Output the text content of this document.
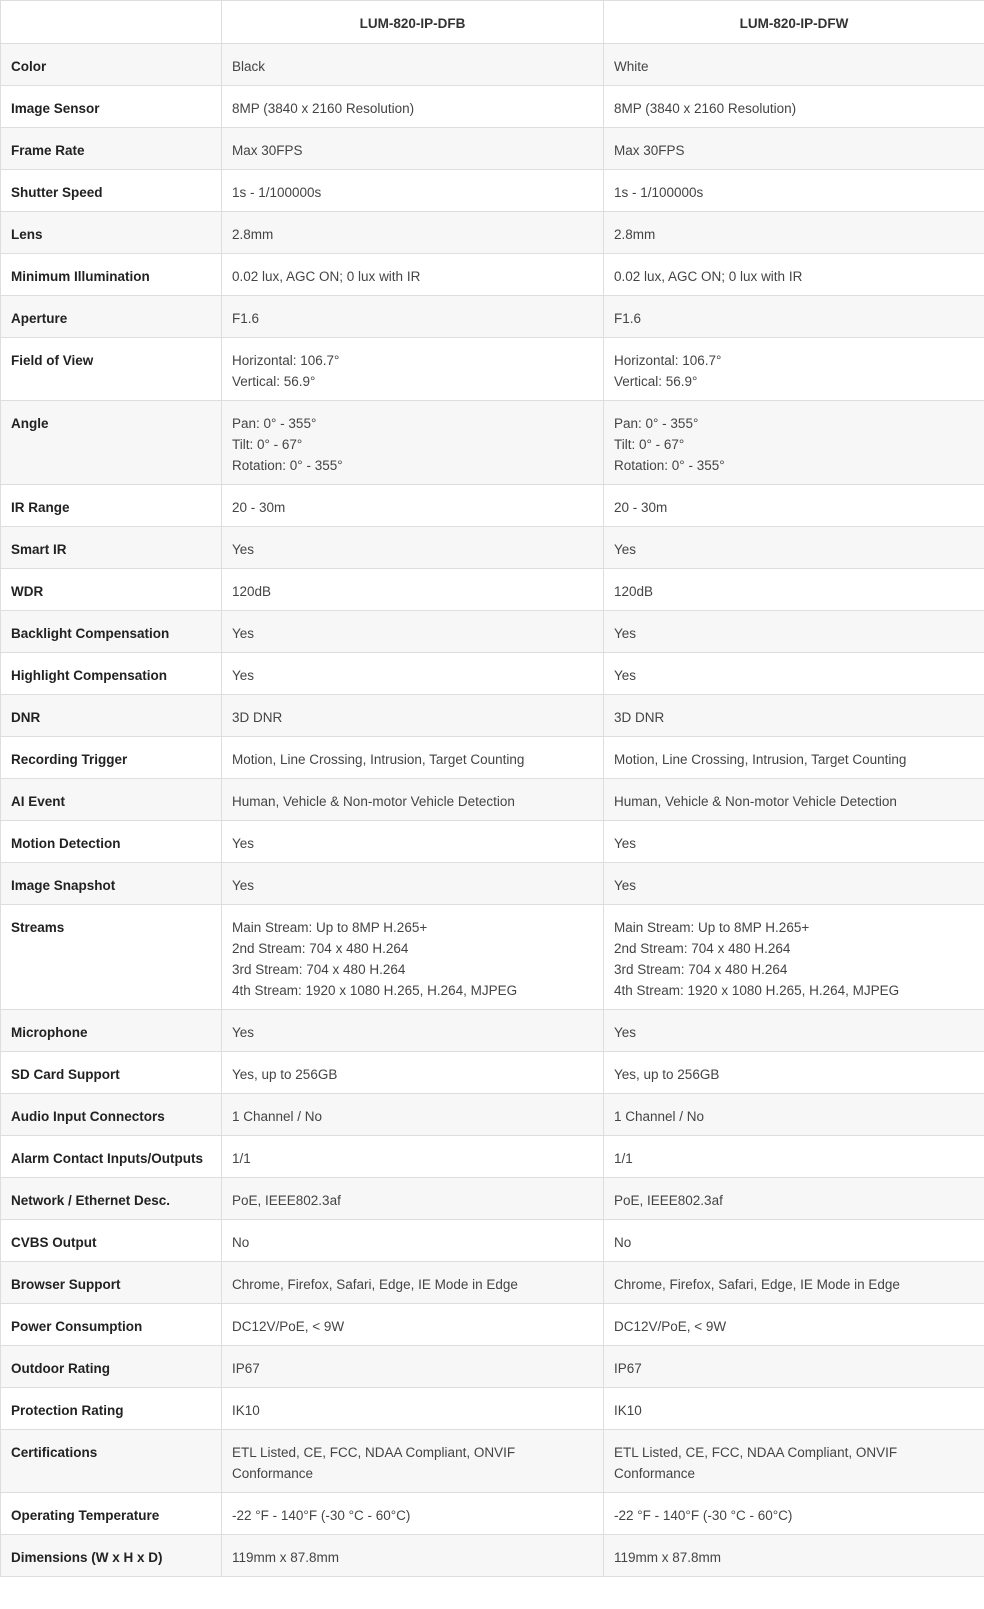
	LUM-820-IP-DFB	LUM-820-IP-DFW
Color	Black	White
Image Sensor	8MP (3840 x 2160 Resolution)	8MP (3840 x 2160 Resolution)
Frame Rate	Max 30FPS	Max 30FPS
Shutter Speed	1s - 1/100000s	1s - 1/100000s
Lens	2.8mm	2.8mm
Minimum Illumination	0.02 lux, AGC ON; 0 lux with IR	0.02 lux, AGC ON; 0 lux with IR
Aperture	F1.6	F1.6
Field of View	Horizontal: 106.7°
Vertical: 56.9°	Horizontal: 106.7°
Vertical: 56.9°
Angle	Pan: 0° - 355°
Tilt: 0° - 67°
Rotation: 0° - 355°	Pan: 0° - 355°
Tilt: 0° - 67°
Rotation: 0° - 355°
IR Range	20 - 30m	20 - 30m
Smart IR	Yes	Yes
WDR	120dB	120dB
Backlight Compensation	Yes	Yes
Highlight Compensation	Yes	Yes
DNR	3D DNR	3D DNR
Recording Trigger	Motion, Line Crossing, Intrusion, Target Counting	Motion, Line Crossing, Intrusion, Target Counting
AI Event	Human, Vehicle & Non-motor Vehicle Detection	Human, Vehicle & Non-motor Vehicle Detection
Motion Detection	Yes	Yes
Image Snapshot	Yes	Yes
Streams	Main Stream: Up to 8MP H.265+
2nd Stream: 704 x 480 H.264
3rd Stream: 704 x 480 H.264
4th Stream: 1920 x 1080 H.265, H.264, MJPEG	Main Stream: Up to 8MP H.265+
2nd Stream: 704 x 480 H.264
3rd Stream: 704 x 480 H.264
4th Stream: 1920 x 1080 H.265, H.264, MJPEG
Microphone	Yes	Yes
SD Card Support	Yes, up to 256GB	Yes, up to 256GB
Audio Input Connectors	1 Channel / No	1 Channel / No
Alarm Contact Inputs/Outputs	1/1	1/1
Network / Ethernet Desc.	PoE, IEEE802.3af	PoE, IEEE802.3af
CVBS Output	No	No
Browser Support	Chrome, Firefox, Safari, Edge, IE Mode in Edge	Chrome, Firefox, Safari, Edge, IE Mode in Edge
Power Consumption	DC12V/PoE, < 9W	DC12V/PoE, < 9W
Outdoor Rating	IP67	IP67
Protection Rating	IK10	IK10
Certifications	ETL Listed, CE, FCC, NDAA Compliant, ONVIF Conformance	ETL Listed, CE, FCC, NDAA Compliant, ONVIF Conformance
Operating Temperature	-22 °F - 140°F (-30 °C - 60°C)	-22 °F - 140°F (-30 °C - 60°C)
Dimensions (W x H x D)	119mm x 87.8mm	119mm x 87.8mm
